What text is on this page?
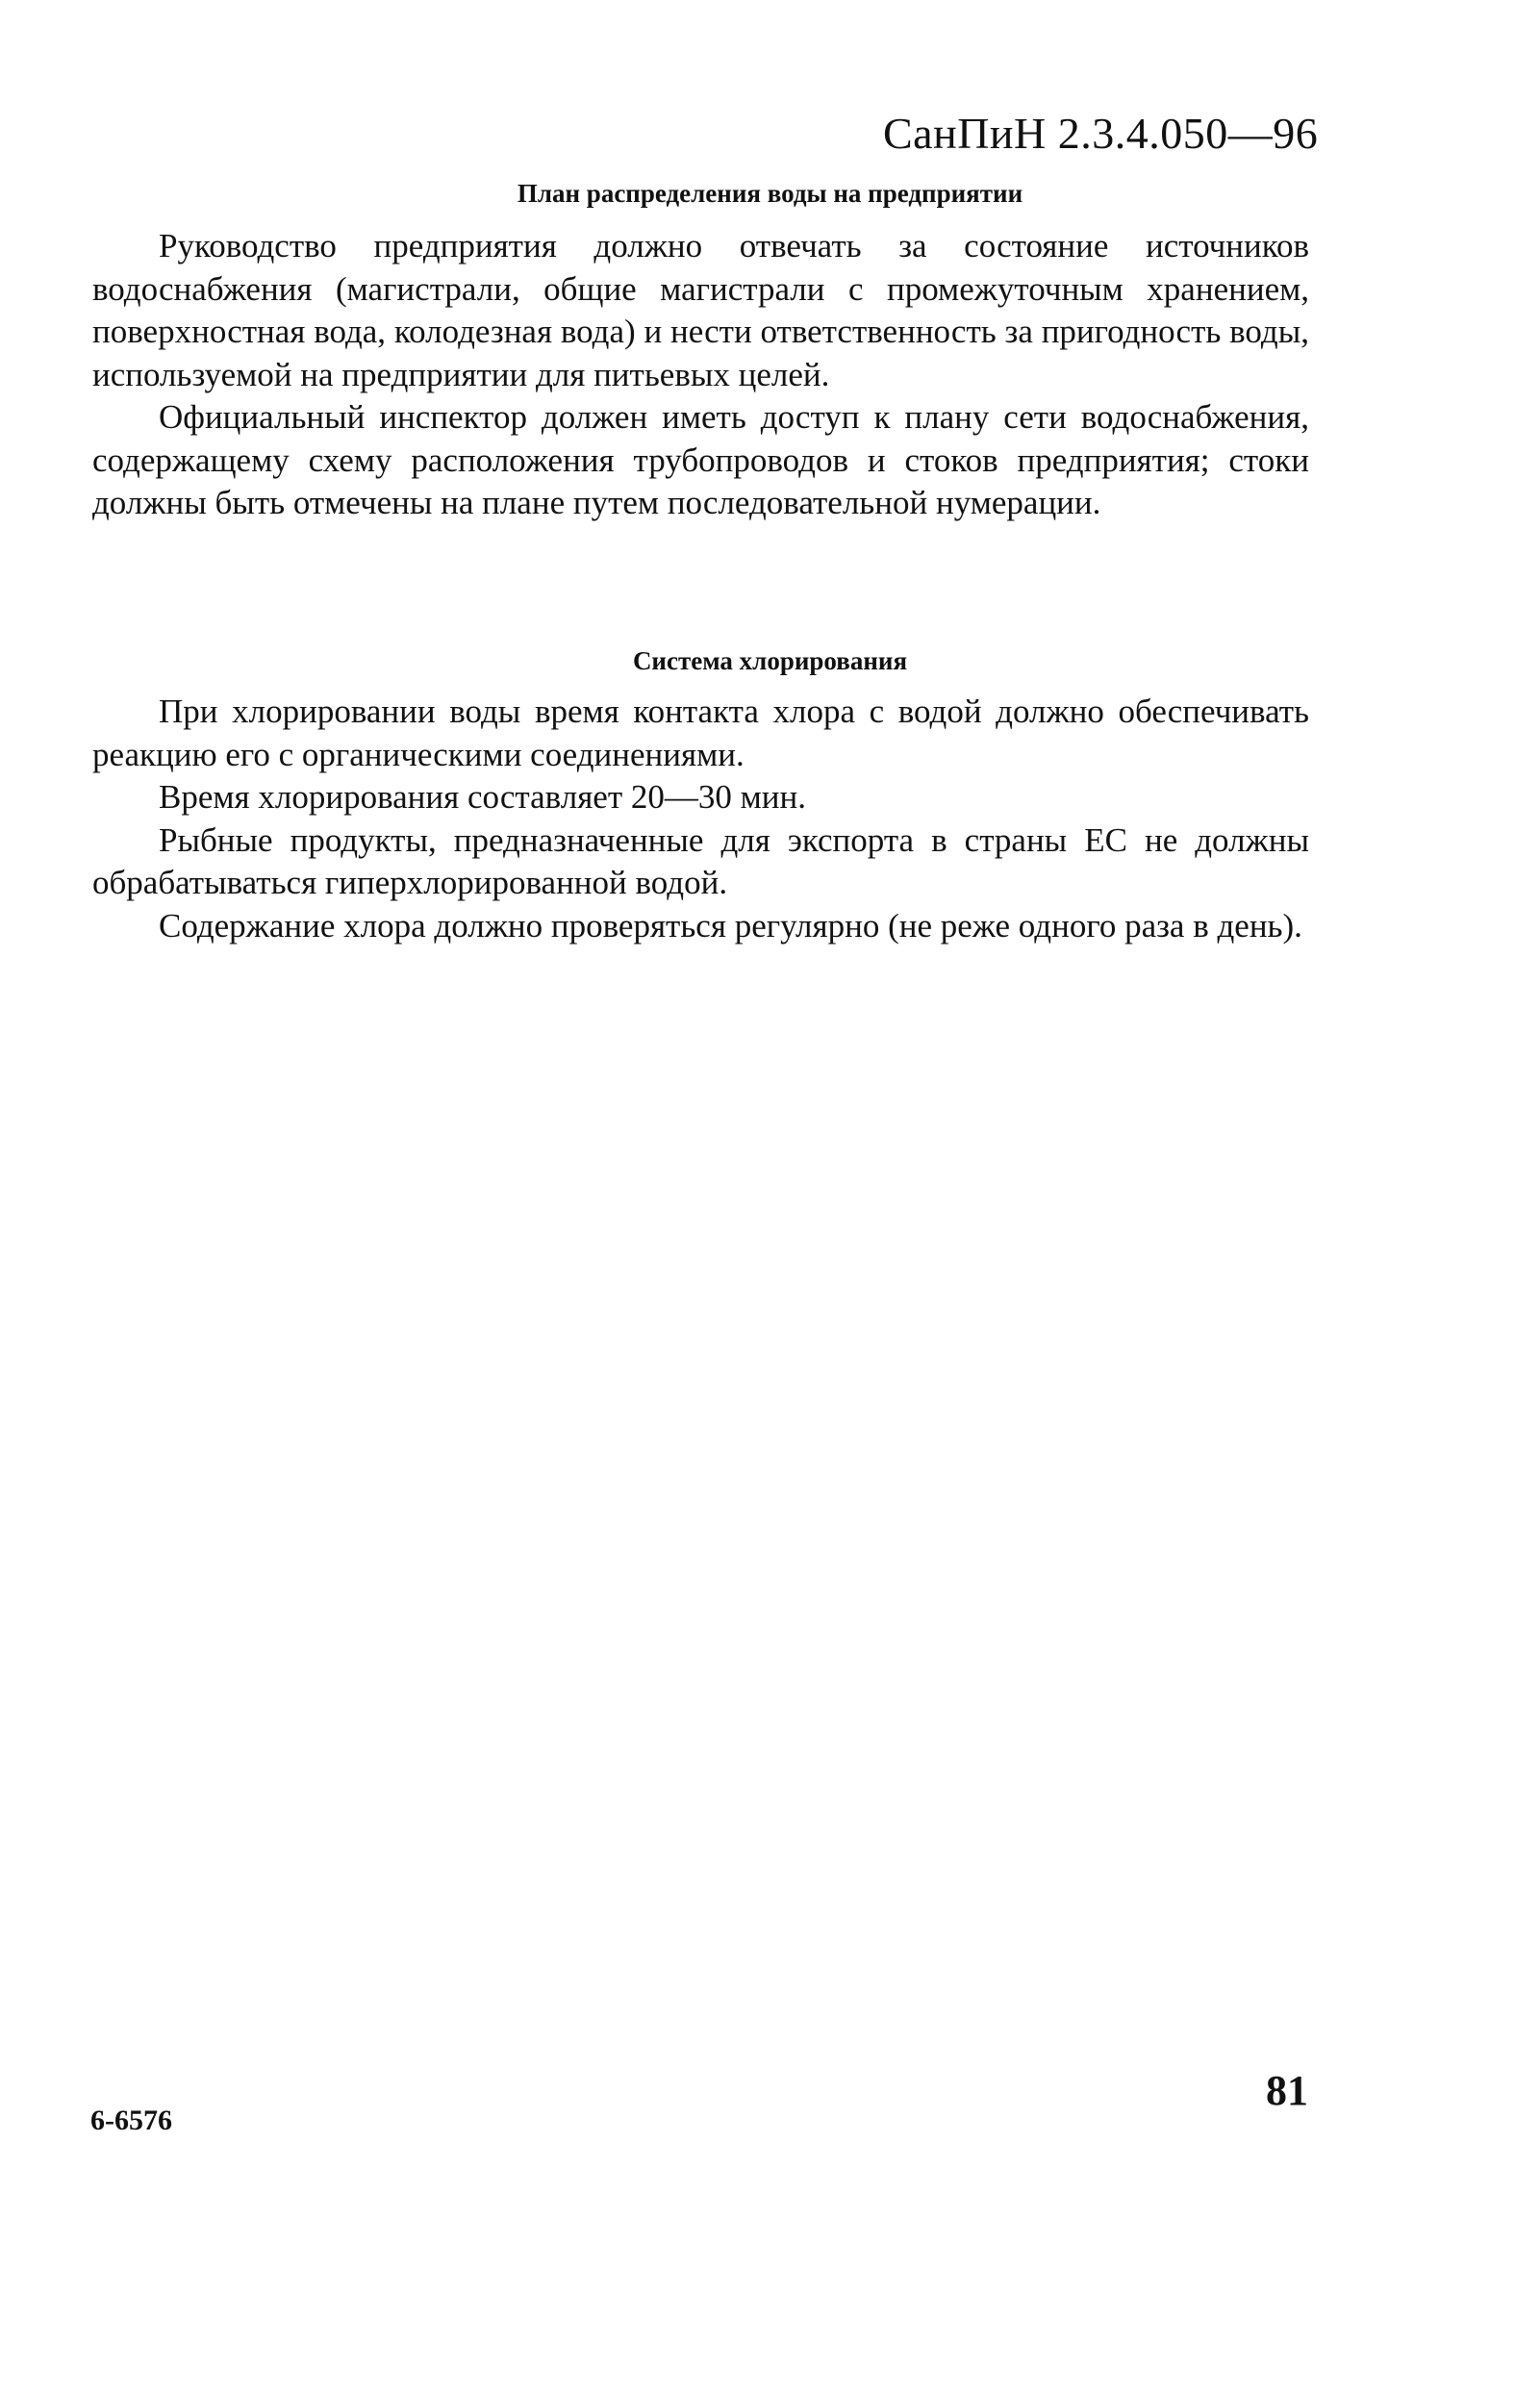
СанПиН 2.3.4.050—96
План распределения воды на предприятии

Руководство предприятия должно отвечать за состояние источников водоснабжения (магистрали, общие магистрали с промежуточным хранением, поверхностная вода, колодезная вода) и нести ответственность за пригодность воды, используемой на предприятии для питьевых целей.

Официальный инспектор должен иметь доступ к плану сети водоснабжения, содержащему схему расположения трубопроводов и стоков предприятия; стоки должны быть отмечены на плане путем последовательной нумерации.

Система хлорирования

При хлорировании воды время контакта хлора с водой должно обеспечивать реакцию его с органическими соединениями.

Время хлорирования составляет 20—30 мин.

Рыбные продукты, предназначенные для экспорта в страны ЕС не должны обрабатываться гиперхлорированной водой.

Содержание хлора должно проверяться регулярно (не реже одного раза в день).

81
6-6576
